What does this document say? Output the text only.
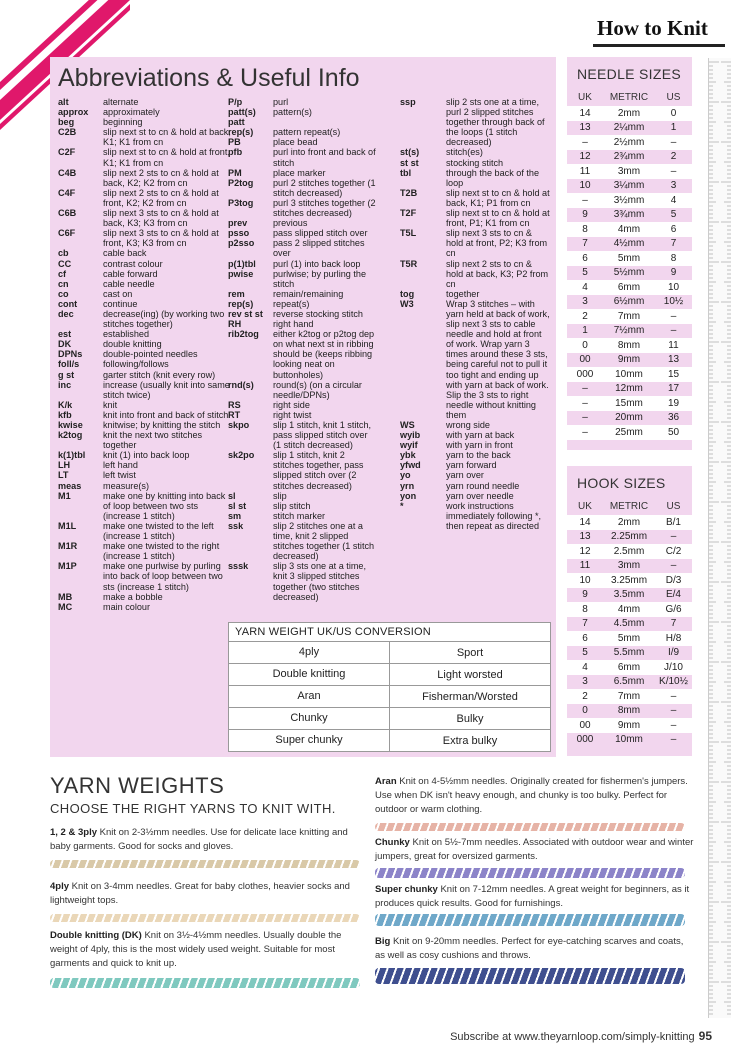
How to Knit
Abbreviations & Useful Info
alt	alternate
approx	approximately
beg	beginning
C2B	slip next st to cn & hold at back, K1; K1 from cn
C2F	slip next st to cn & hold at front, K1; K1 from cn
C4B	slip next 2 sts to cn & hold at back, K2; K2 from cn
C4F	slip next 2 sts to cn & hold at front, K2; K2 from cn
C6B	slip next 3 sts to cn & hold at back, K3; K3 from cn
C6F	slip next 3 sts to cn & hold at front, K3; K3 from cn
cb	cable back
CC	contrast colour
cf	cable forward
cn	cable needle
co	cast on
cont	continue
dec	decrease(ing) (by working two stitches together)
est	established
DK	double knitting
DPNs	double-pointed needles
foll/s	following/follows
g st	garter stitch (knit every row)
inc	increase (usually knit into same stitch twice)
K/k	knit
kfb	knit into front and back of stitch
kwise	knitwise; by knitting the stitch
k2tog	knit the next two stitches together
k(1)tbl	knit (1) into back loop
LH	left hand
LT	left twist
meas	measure(s)
M1	make one by knitting into back of loop between two sts (increase 1 stitch)
M1L	make one twisted to the left (increase 1 stitch)
M1R	make one twisted to the right (increase 1 stitch)
M1P	make one purlwise by purling into back of loop between two sts (increase 1 stitch)
MB	make a bobble
MC	main colour
P/p	purl
patt(s)	pattern(s)
patt
rep(s)	pattern repeat(s)
PB	place bead
pfb	purl into front and back of stitch
PM	place marker
P2tog	purl 2 stitches together (1 stitch decreased)
P3tog	purl 3 stitches together (2 stitches decreased)
prev	previous
psso	pass slipped stitch over
p2sso	pass 2 slipped stitches over
p(1)tbl	purl (1) into back loop
pwise	purlwise; by purling the stitch
rem	remain/remaining
rep(s)	repeat(s)
rev st st	reverse stocking stitch
RH	right hand
rib2tog	either k2tog or p2tog dep on what next st in ribbing should be (keeps ribbing looking neat on buttonholes)
rnd(s)	round(s) (on a circular needle/DPNs)
RS	right side
RT	right twist
skpo	slip 1 stitch, knit 1 stitch, pass slipped stitch over (1 stitch decreased)
sk2po	slip 1 stitch, knit 2 stitches together, pass slipped stitch over (2 stitches decreased)
sl	slip
sl st	slip stitch
sm	stitch marker
ssk	slip 2 stitches one at a time, knit 2 slipped stitches together (1 stitch decreased)
sssk	slip 3 sts one at a time, knit 3 slipped stitches together (two stitches decreased)
ssp	slip 2 sts one at a time, purl 2 slipped stitches together through back of the loops (1 stitch decreased)
st(s)	stitch(es)
st st	stocking stitch
tbl	through the back of the loop
T2B	slip next st to cn & hold at back, K1; P1 from cn
T2F	slip next st to cn & hold at front, P1; K1 from cn
T5L	slip next 3 sts to cn & hold at front, P2; K3 from cn
T5R	slip next 2 sts to cn & hold at back, K3; P2 from cn
tog	together
W3	Wrap 3 stitches – with yarn held at back of work, slip next 3 sts to cable needle and hold at front of work. Wrap yarn 3 times around these 3 sts, being careful not to pull it too tight and ending up with yarn at back of work. Slip the 3 sts to right needle without knitting them
WS	wrong side
wyib	with yarn at back
wyif	with yarn in front
ybk	yarn to the back
yfwd	yarn forward
yo	yarn over
yrn	yarn round needle
yon	yarn over needle
*	work instructions immediately following *, then repeat as directed
YARN WEIGHT UK/US CONVERSION
4ply	Sport
Double knitting	Light worsted
Aran	Fisherman/Worsted
Chunky	Bulky
Super chunky	Extra bulky
NEEDLE SIZES
UK	METRIC	US
14	2mm	0
13	2¼mm	1
–	2½mm	–
12	2¾mm	2
11	3mm	–
10	3¼mm	3
–	3½mm	4
9	3¾mm	5
8	4mm	6
7	4½mm	7
6	5mm	8
5	5½mm	9
4	6mm	10
3	6½mm	10½
2	7mm	–
1	7½mm	–
0	8mm	11
00	9mm	13
000	10mm	15
–	12mm	17
–	15mm	19
–	20mm	36
–	25mm	50
HOOK SIZES
UK	METRIC	US
14	2mm	B/1
13	2.25mm	–
12	2.5mm	C/2
11	3mm	–
10	3.25mm	D/3
9	3.5mm	E/4
8	4mm	G/6
7	4.5mm	7
6	5mm	H/8
5	5.5mm	I/9
4	6mm	J/10
3	6.5mm	K/10½
2	7mm	–
0	8mm	–
00	9mm	–
000	10mm	–
YARN WEIGHTS
CHOOSE THE RIGHT YARNS TO KNIT WITH.
1, 2 & 3ply Knit on 2-3½mm needles. Use for delicate lace knitting and baby garments. Good for socks and gloves.
4ply Knit on 3-4mm needles. Great for baby clothes, heavier socks and lightweight tops.
Double knitting (DK) Knit on 3½-4½mm needles. Usually double the weight of 4ply, this is the most widely used weight. Suitable for most garments and quick to knit up.
Aran Knit on 4-5½mm needles. Originally created for fishermen's jumpers. Use when DK isn't heavy enough, and chunky is too bulky. Perfect for outdoor or warm clothing.
Chunky Knit on 5½-7mm needles. Associated with outdoor wear and winter jumpers, great for oversized garments.
Super chunky Knit on 7-12mm needles. A great weight for beginners, as it produces quick results. Good for furnishings.
Big Knit on 9-20mm needles. Perfect for eye-catching scarves and coats, as well as cosy cushions and throws.
Subscribe at www.theyarnloop.com/simply-knitting 95
